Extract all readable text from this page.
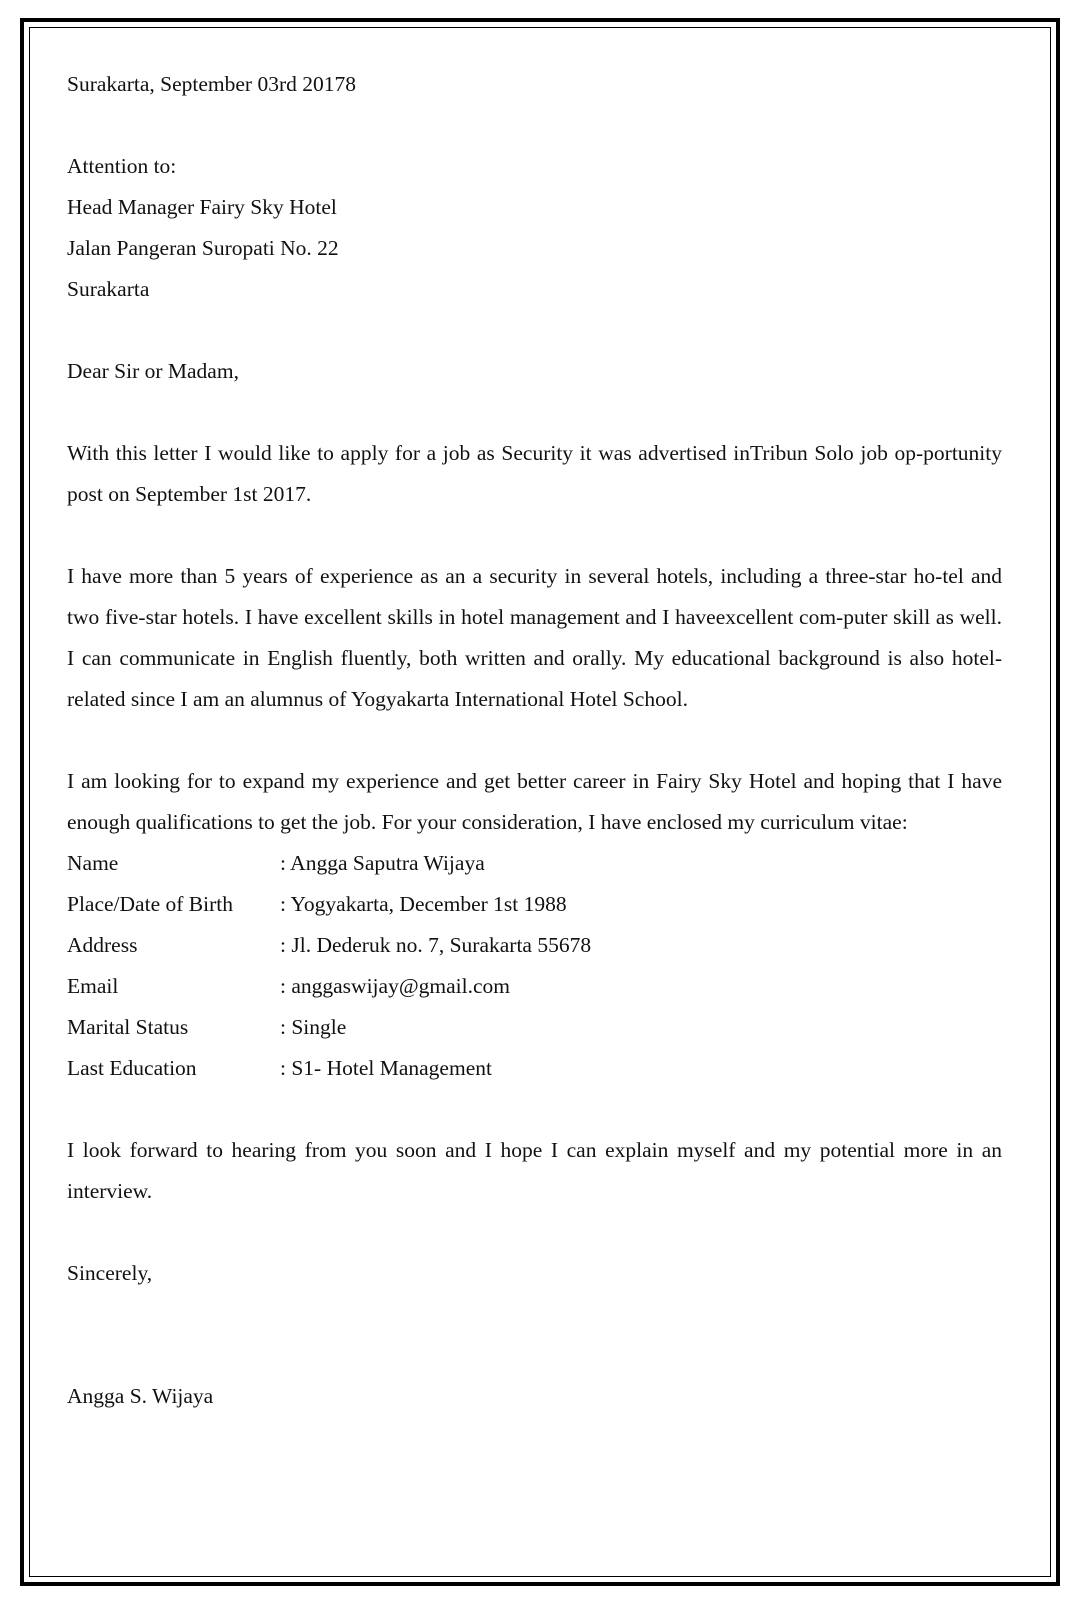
Surakarta, September 03rd 20178

Attention to:

Head Manager Fairy Sky Hotel

Jalan Pangeran Suropati No. 22

Surakarta

Dear Sir or Madam,

With this letter I would like to apply for a job as Security it was advertised inTribun Solo job op-portunity post on September 1st 2017.

I have more than 5 years of experience as an a security in several hotels, including a three-star ho-tel and two five-star hotels. I have excellent skills in hotel management and I haveexcellent com-puter skill as well. I can communicate in English fluently, both written and orally. My educational background is also hotel-related since I am an alumnus of Yogyakarta International Hotel School.

I am looking for to expand my experience and get better career in Fairy Sky Hotel and hoping that I have enough qualifications to get the job. For your consideration, I have enclosed my curriculum vitae:

Name	: Angga Saputra Wijaya
Place/Date of Birth	: Yogyakarta, December 1st 1988
Address	: Jl. Dederuk no. 7, Surakarta 55678
Email	: anggaswijay@gmail.com
Marital Status	: Single
Last Education	: S1- Hotel Management

I look forward to hearing from you soon and I hope I can explain myself and my potential more in an interview.

Sincerely,

Angga S. Wijaya
